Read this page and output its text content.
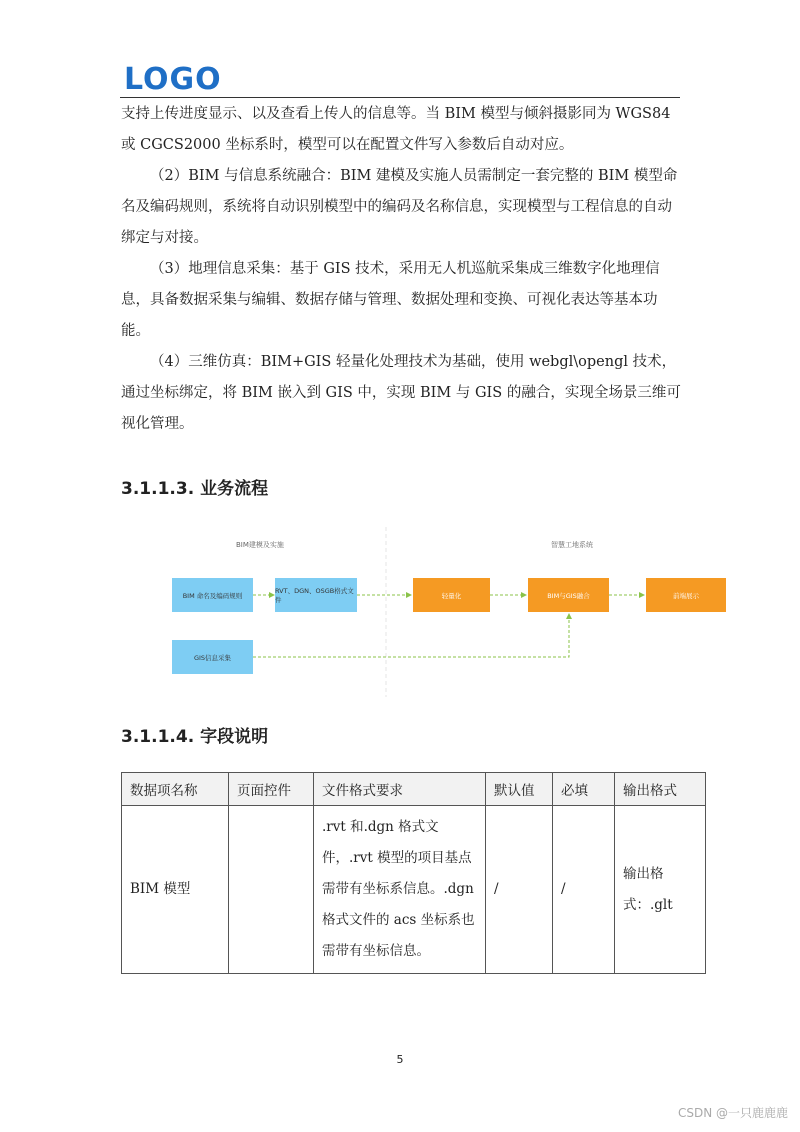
LOGO

支持上传进度显示、以及查看上传人的信息等。当 BIM 模型与倾斜摄影同为 WGS84 或 CGCS2000 坐标系时，模型可以在配置文件写入参数后自动对应。

（2）BIM 与信息系统融合：BIM 建模及实施人员需制定一套完整的 BIM 模型命名及编码规则，系统将自动识别模型中的编码及名称信息，实现模型与工程信息的自动绑定与对接。

（3）地理信息采集：基于 GIS 技术，采用无人机巡航采集成三维数字化地理信息，具备数据采集与编辑、数据存储与管理、数据处理和变换、可视化表达等基本功能。

（4）三维仿真：BIM+GIS 轻量化处理技术为基础，使用 webgl\opengl 技术，通过坐标绑定，将 BIM 嵌入到 GIS 中，实现 BIM 与 GIS 的融合，实现全场景三维可视化管理。

3.1.1.3. 业务流程
BIM建模及实施	智慧工地系统
BIM 命名及编码规则
RVT、DGN、OSGB格式文件
轻量化	BIM与GIS融合	前端展示
GIS信息采集
3.1.1.4. 字段说明
数据项名称	页面控件	文件格式要求	默认值	必填	输出格式
BIM 模型		.rvt 和.dgn 格式文件，.rvt 模型的项目基点需带有坐标系信息。.dgn 格式文件的 acs 坐标系也需带有坐标信息。	/	/	输出格式：.glt
5
CSDN @一只鹿鹿鹿
